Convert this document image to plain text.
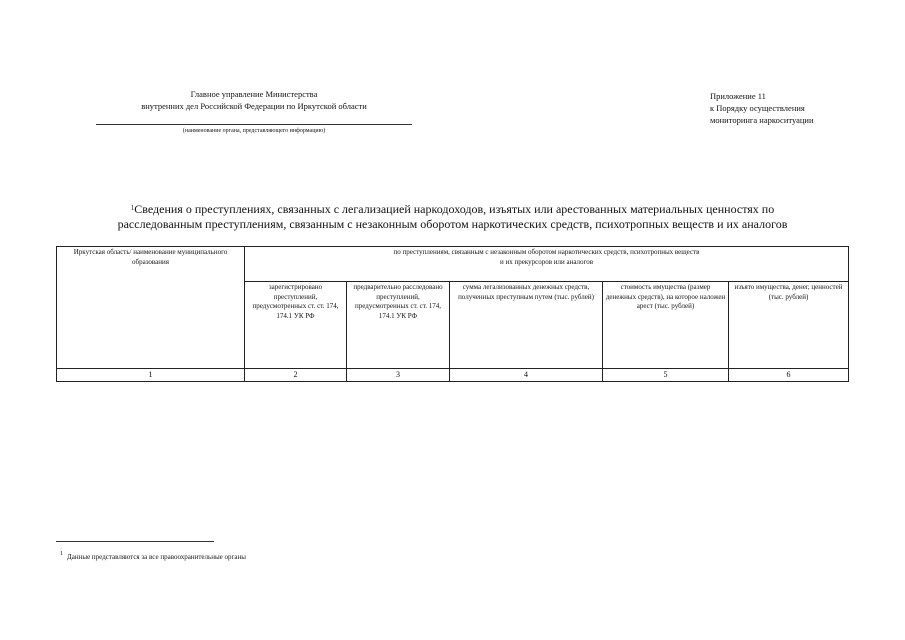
Главное управление Министерства
внутренних дел Российской Федерации по Иркутской области
(наименование органа, представляющего информацию)
Приложение 11
к Порядку осуществления
мониторинга наркоситуации
$^1$Сведения о преступлениях, связанных с легализацией наркодоходов, изъятых или арестованных материальных ценностях по
расследованным преступлениям, связанным с незаконным оборотом наркотических средств, психотропных веществ и их аналогов
Иркутская область/ наименование муниципального образования	по преступлениям, связанным с незаконным оборотом наркотических средств, психотропных веществ
и их прекурсоров или аналогов				

	зарегистрировано преступлений, предусмотренных ст. ст. 174, 174.1 УК РФ	предварительно расследовано преступлений, предусмотренных ст. ст. 174, 174.1 УК РФ	сумма легализованных денежных средств, полученных преступным путем (тыс. рублей)	стоимость имущества (размер денежных средств), на которое наложен арест (тыс. рублей)	изъято имущества, денег, ценностей (тыс. рублей)
1	2	3	4	5	6
$^1$ Данные представляются за все правоохранительные органы
